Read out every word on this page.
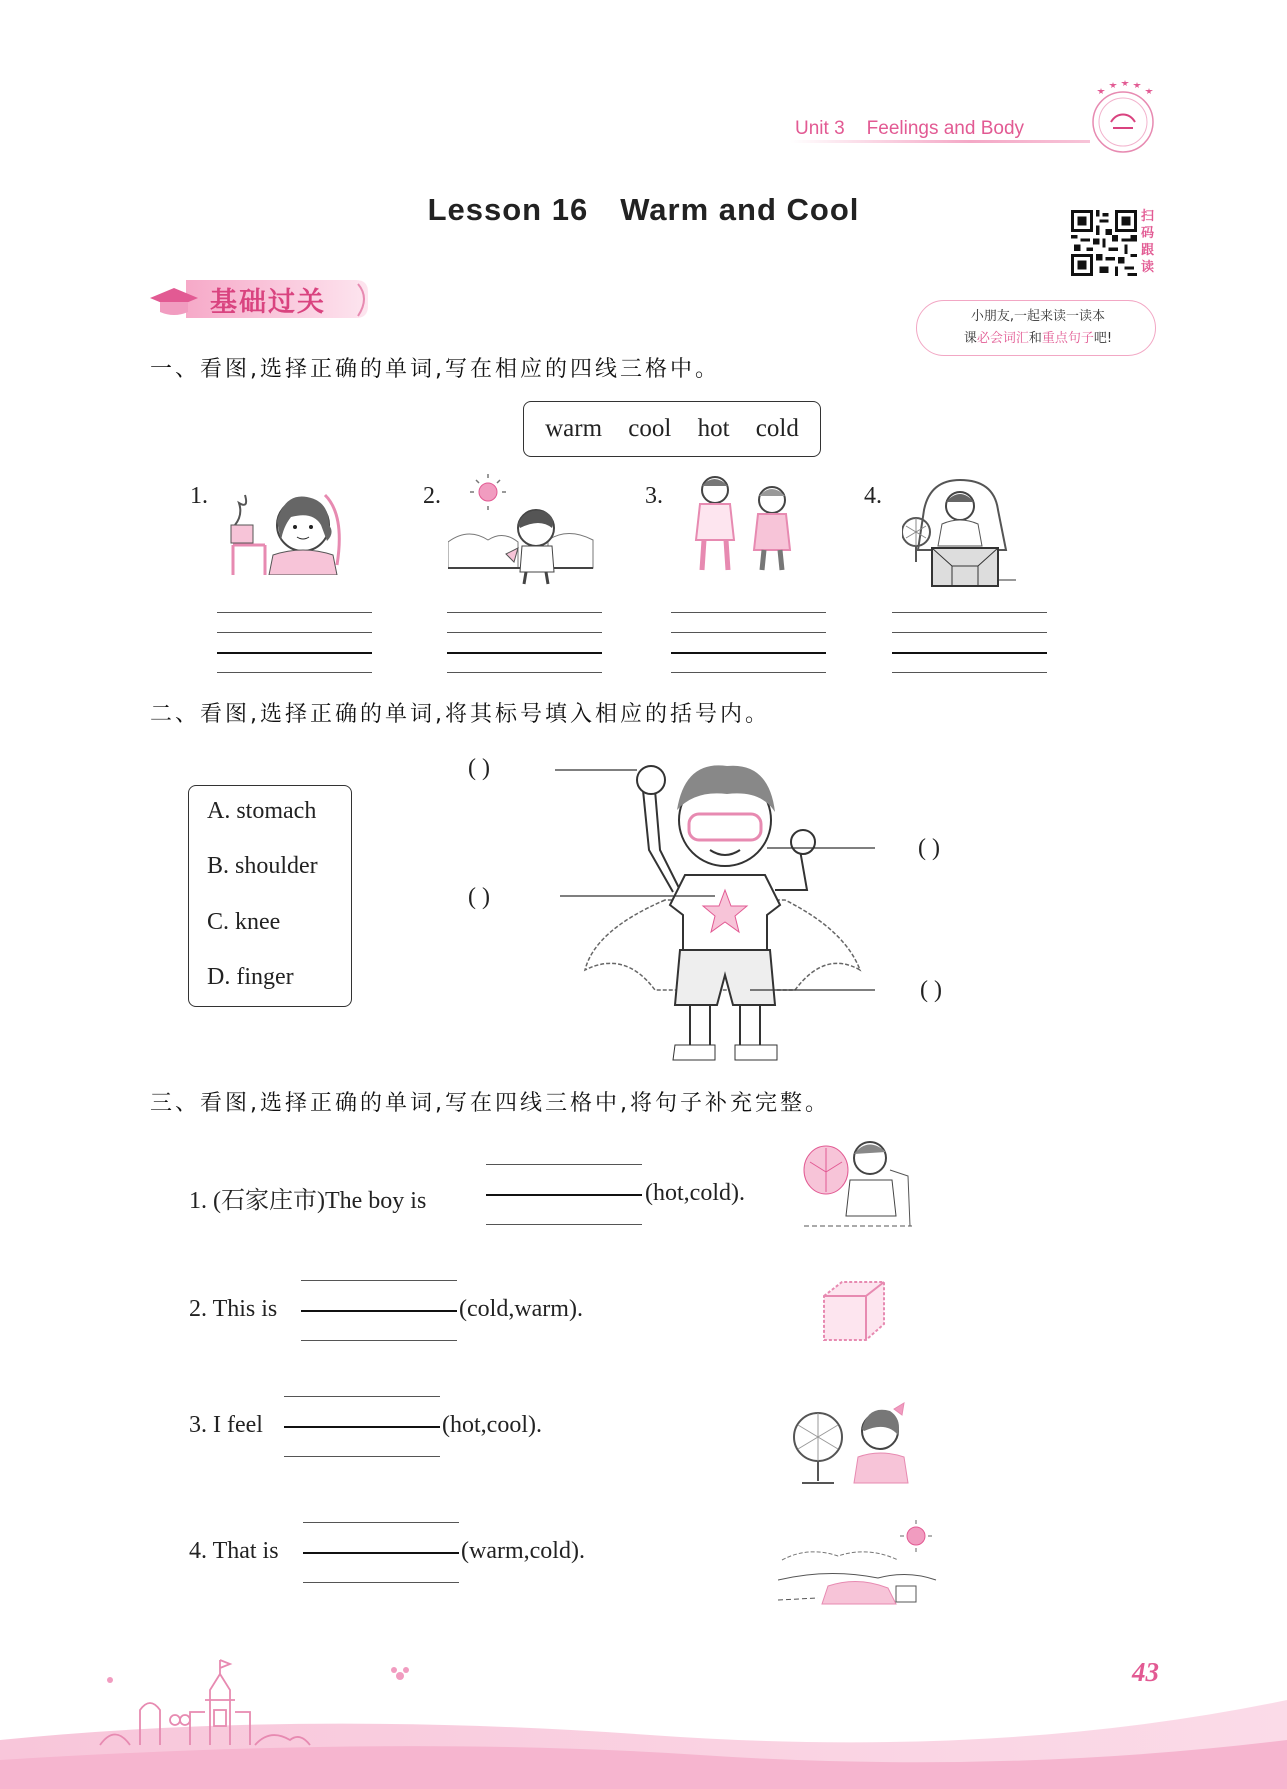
Unit 3 Feelings and Body
Lesson 16 Warm and Cool	扫
码
跟
读
小朋友,一起来读一读本
课必会词汇和重点句子吧!
基础过关
一、看图,选择正确的单词,写在相应的四线三格中。
warm cool hot cold
1.	2.	3.	4.
二、看图,选择正确的单词,将其标号填入相应的括号内。
A. stomach
B. shoulder
C. knee
D. finger
( )
( )
( )
( )
三、看图,选择正确的单词,写在四线三格中,将句子补充完整。
1. (石家庄市)The boy is	(hot,cold).
2. This is	(cold,warm).
3. I feel	(hot,cool).
4. That is	(warm,cold).
43
